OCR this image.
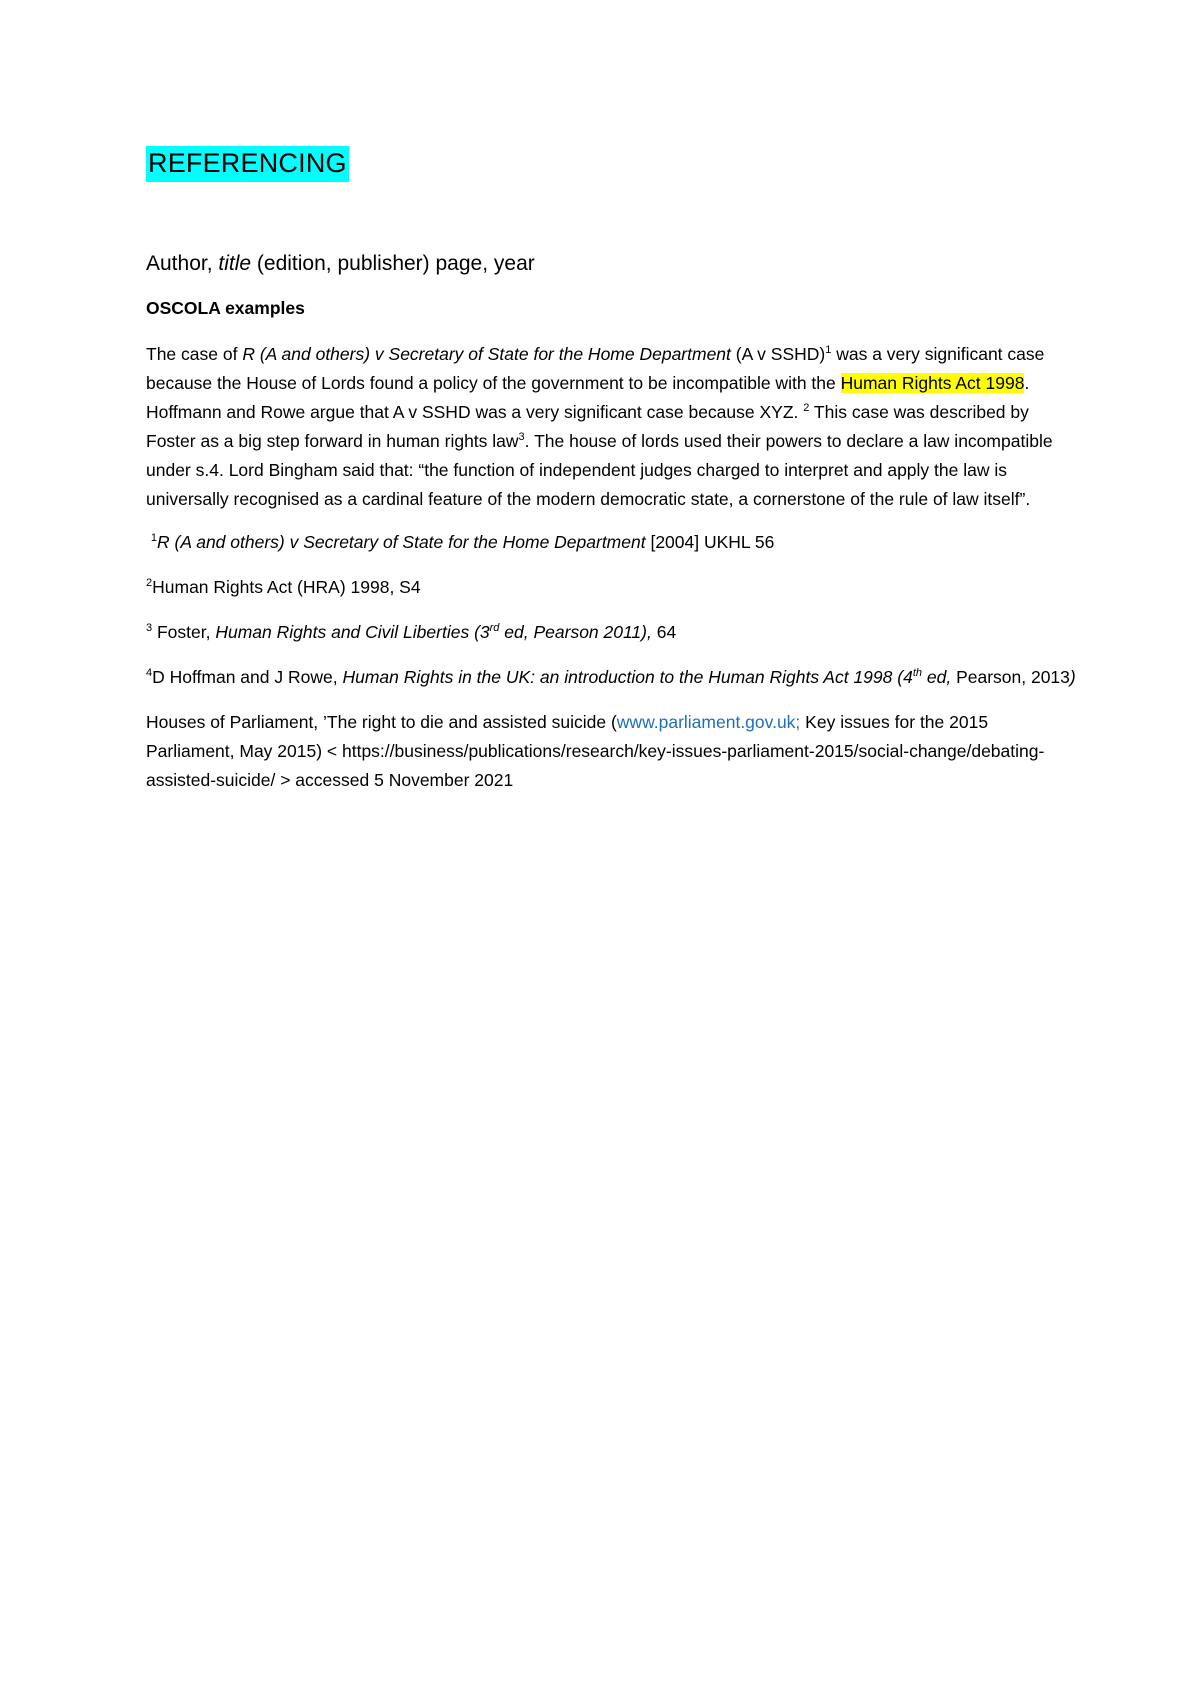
REFERENCING

Author, title (edition, publisher) page, year

OSCOLA examples

The case of R (A and others) v Secretary of State for the Home Department (A v SSHD)$^1$ was a very significant case because the House of Lords found a policy of the government to be incompatible with the Human Rights Act 1998. Hoffmann and Rowe argue that A v SSHD was a very significant case because XYZ. $^2$ This case was described by Foster as a big step forward in human rights law$^3$. The house of lords used their powers to declare a law incompatible under s.4. Lord Bingham said that: “the function of independent judges charged to interpret and apply the law is universally recognised as a cardinal feature of the modern democratic state, a cornerstone of the rule of law itself”.

$^1$R (A and others) v Secretary of State for the Home Department [2004] UKHL 56

$^2$Human Rights Act (HRA) 1998, S4

$^3$ Foster, Human Rights and Civil Liberties (3rd ed, Pearson 2011), 64

$^4$D Hoffman and J Rowe, Human Rights in the UK: an introduction to the Human Rights Act 1998 (4th ed, Pearson, 2013)

Houses of Parliament, ’The right to die and assisted suicide (www.parliament.gov.uk; Key issues for the 2015 Parliament, May 2015) < https://business/publications/research/key-issues-parliament-2015/social-change/debating-assisted-suicide/ > accessed 5 November 2021
